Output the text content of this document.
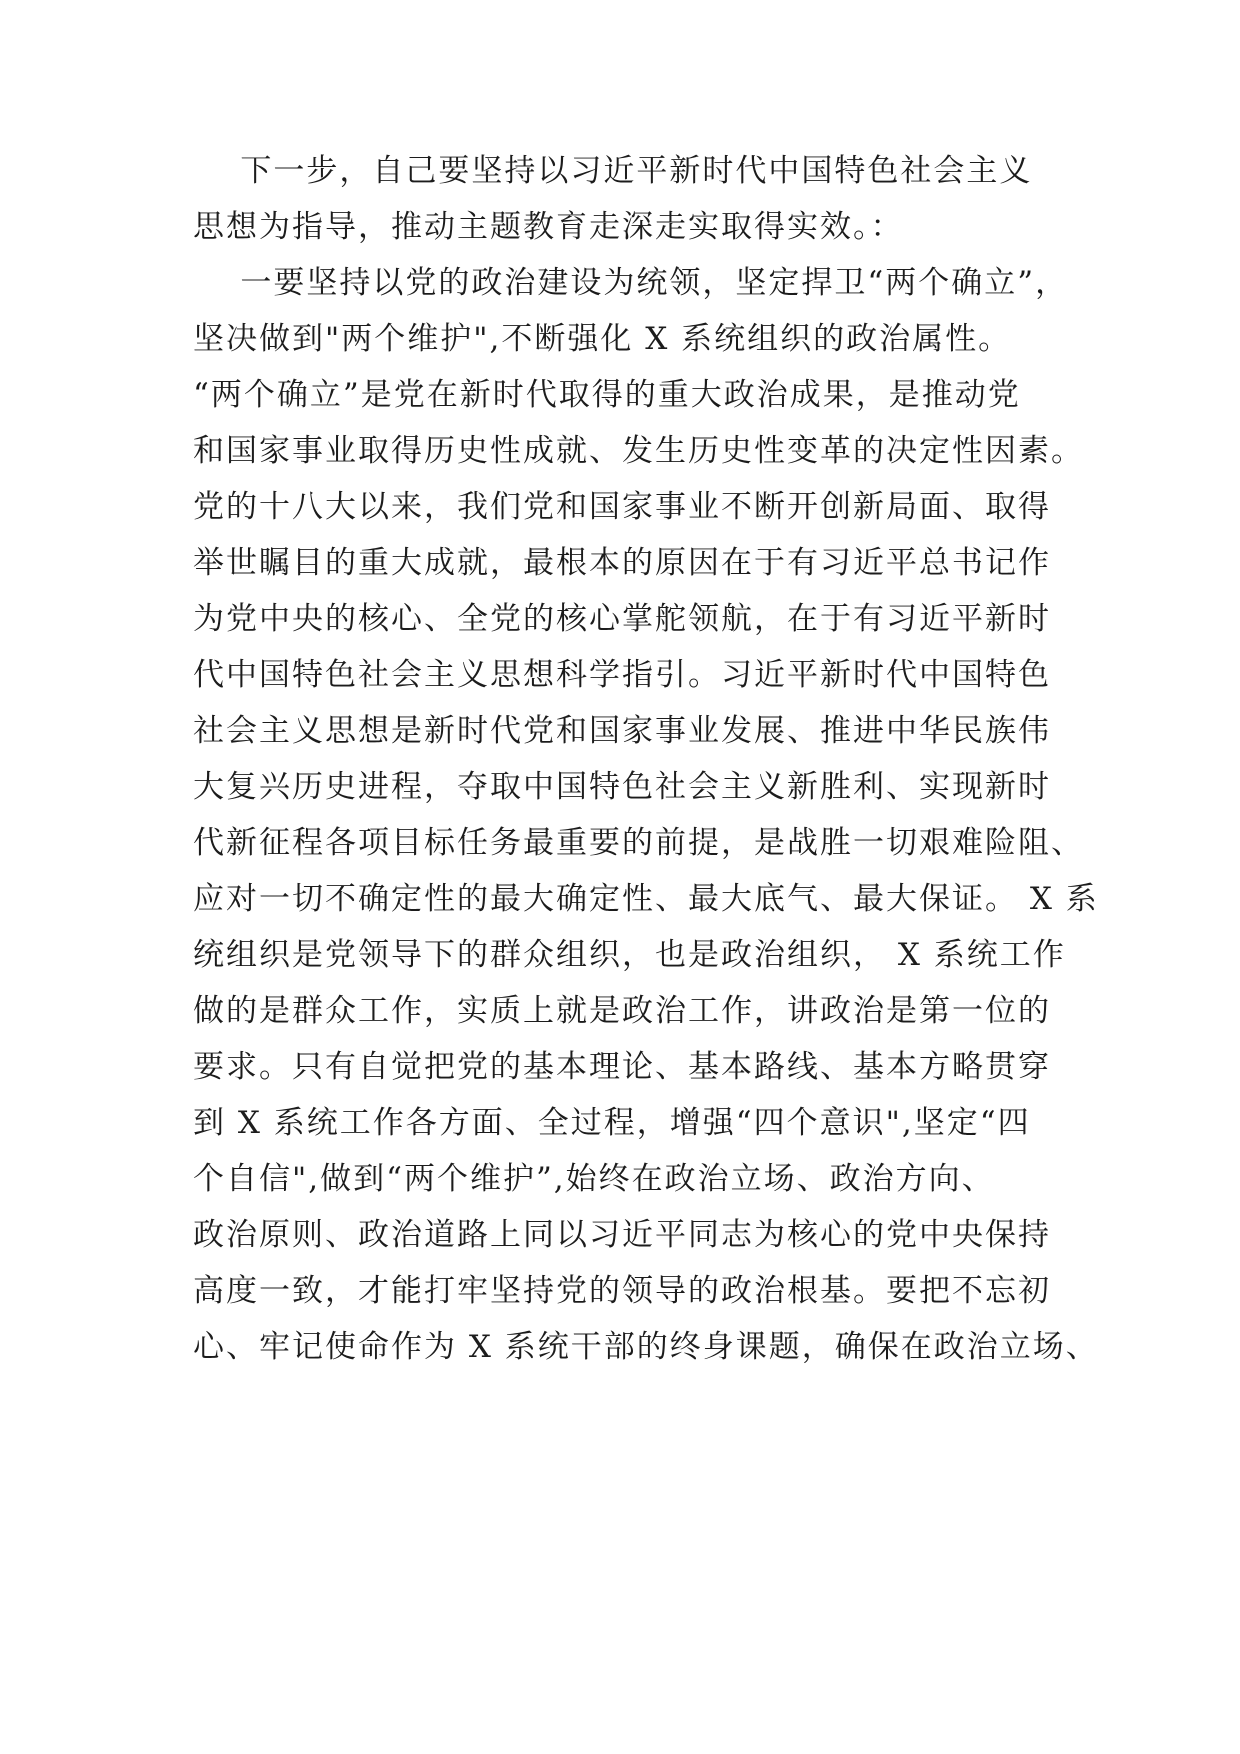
下一步，自己要坚持以习近平新时代中国特色社会主义
思想为指导，推动主题教育走深走实取得实效。：
一要坚持以党的政治建设为统领，坚定捍卫“两个确立”，
坚决做到"两个维护",不断强化 X 系统组织的政治属性。
“两个确立”是党在新时代取得的重大政治成果，是推动党
和国家事业取得历史性成就、发生历史性变革的决定性因素。
党的十八大以来，我们党和国家事业不断开创新局面、取得
举世瞩目的重大成就，最根本的原因在于有习近平总书记作
为党中央的核心、全党的核心掌舵领航，在于有习近平新时
代中国特色社会主义思想科学指引。习近平新时代中国特色
社会主义思想是新时代党和国家事业发展、推进中华民族伟
大复兴历史进程，夺取中国特色社会主义新胜利、实现新时
代新征程各项目标任务最重要的前提，是战胜一切艰难险阻、
应对一切不确定性的最大确定性、最大底气、最大保证。 X 系
统组织是党领导下的群众组织，也是政治组织， X 系统工作
做的是群众工作，实质上就是政治工作，讲政治是第一位的
要求。只有自觉把党的基本理论、基本路线、基本方略贯穿
到 X 系统工作各方面、全过程，增强“四个意识",坚定“四
个自信",做到“两个维护”,始终在政治立场、政治方向、
政治原则、政治道路上同以习近平同志为核心的党中央保持
高度一致，才能打牢坚持党的领导的政治根基。要把不忘初
心、牢记使命作为 X 系统干部的终身课题，确保在政治立场、
